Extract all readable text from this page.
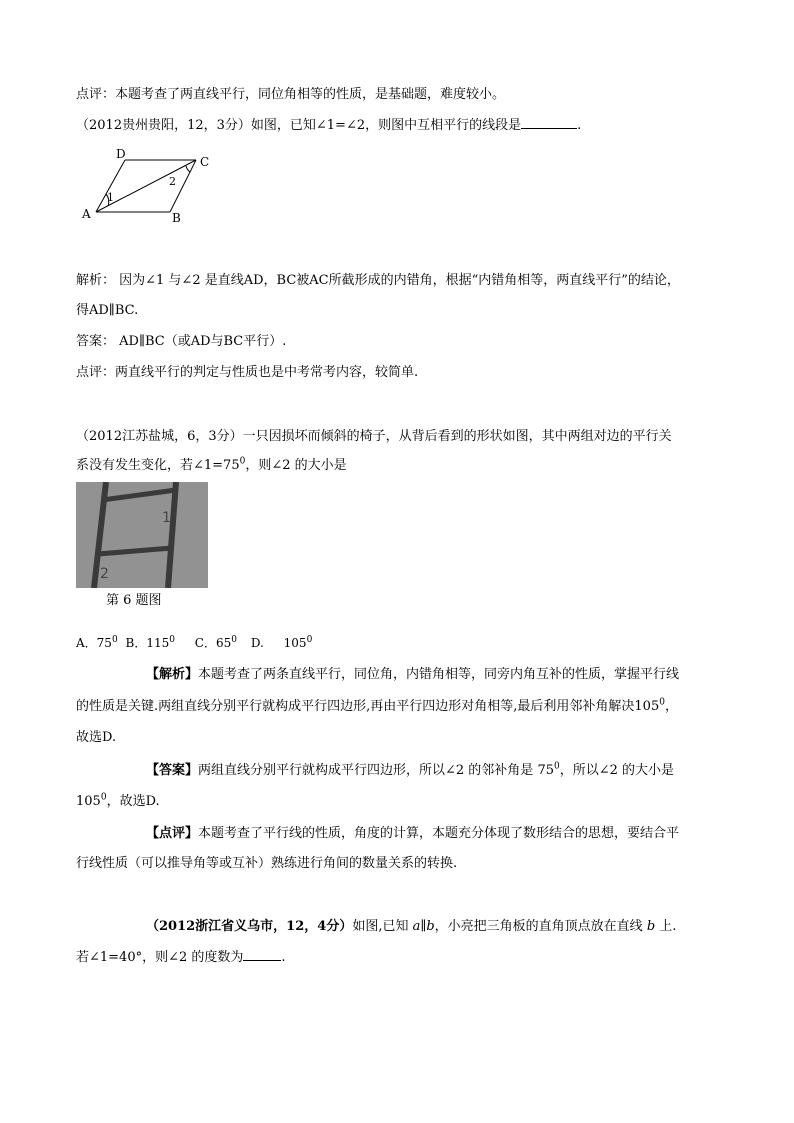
点评：本题考查了两直线平行，同位角相等的性质，是基础题，难度较小。
（2012贵州贵阳，12，3分）如图，已知∠1=∠2，则图中互相平行的线段是	.
D
C
A	B
1
2
解析： 因为∠1 与∠2 是直线AD，BC被AC所截形成的内错角，根据“内错角相等，两直线平行”的结论，
得AD∥BC.
答案： AD∥BC（或AD与BC平行）.
点评：两直线平行的判定与性质也是中考常考内容，较简单.
（2012江苏盐城，6，3分）一只因损坏而倾斜的椅子，从背后看到的形状如图，其中两组对边的平行关
系没有发生变化，若$\angle 1=75^0$，则∠2 的大小是
1
2
第 6 题图
A．$75^0$ B．$115^0$ C．$65^0$ D. $105^0$
【解析】本题考查了两条直线平行，同位角，内错角相等，同旁内角互补的性质，掌握平行线
的性质是关键.两组直线分别平行就构成平行四边形,再由平行四边形对角相等,最后利用邻补角解决$105^0$，
故选D.
【答案】两组直线分别平行就构成平行四边形，所以∠2 的邻补角是 $75^0$，所以∠2 的大小是
$105^0$，故选D.
【点评】本题考查了平行线的性质，角度的计算，本题充分体现了数形结合的思想，要结合平
行线性质（可以推导角等或互补）熟练进行角间的数量关系的转换.
（2012浙江省义乌市，12，4分）如图,已知 a∥b，小亮把三角板的直角顶点放在直线 b 上.
若∠1=40°，则∠2 的度数为	.
